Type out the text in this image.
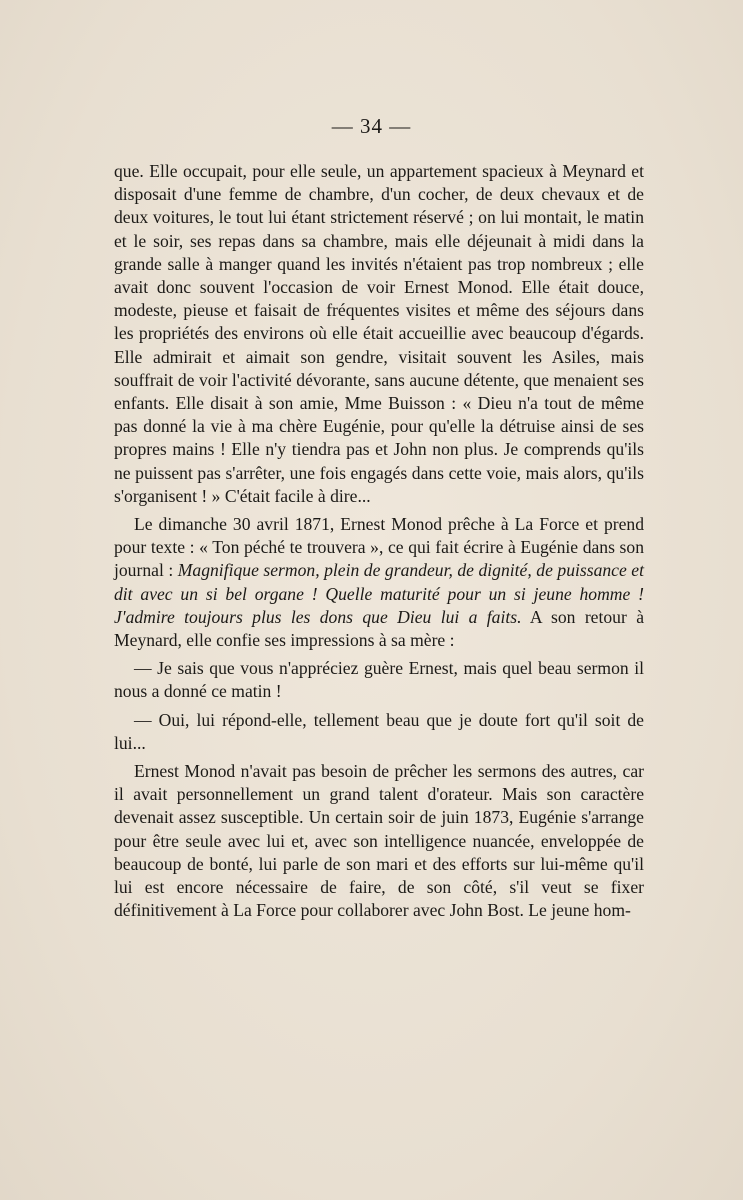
— 34 —

que. Elle occupait, pour elle seule, un appartement spacieux à Meynard et disposait d'une femme de chambre, d'un cocher, de deux chevaux et de deux voitures, le tout lui étant strictement réservé ; on lui montait, le matin et le soir, ses repas dans sa chambre, mais elle déjeunait à midi dans la grande salle à manger quand les invités n'étaient pas trop nombreux ; elle avait donc souvent l'occasion de voir Ernest Monod. Elle était douce, modeste, pieuse et faisait de fréquentes visites et même des séjours dans les propriétés des environs où elle était accueillie avec beaucoup d'égards. Elle admirait et aimait son gendre, visitait souvent les Asiles, mais souffrait de voir l'activité dévorante, sans aucune détente, que menaient ses enfants. Elle disait à son amie, Mme Buisson : « Dieu n'a tout de même pas donné la vie à ma chère Eugénie, pour qu'elle la détruise ainsi de ses propres mains ! Elle n'y tiendra pas et John non plus. Je comprends qu'ils ne puissent pas s'arrêter, une fois engagés dans cette voie, mais alors, qu'ils s'organisent ! » C'était facile à dire...

Le dimanche 30 avril 1871, Ernest Monod prêche à La Force et prend pour texte : « Ton péché te trouvera », ce qui fait écrire à Eugénie dans son journal : Magnifique sermon, plein de grandeur, de dignité, de puissance et dit avec un si bel organe ! Quelle maturité pour un si jeune homme ! J'admire toujours plus les dons que Dieu lui a faits. A son retour à Meynard, elle confie ses impressions à sa mère :

— Je sais que vous n'appréciez guère Ernest, mais quel beau sermon il nous a donné ce matin !

— Oui, lui répond-elle, tellement beau que je doute fort qu'il soit de lui...

Ernest Monod n'avait pas besoin de prêcher les sermons des autres, car il avait personnellement un grand talent d'orateur. Mais son caractère devenait assez susceptible. Un certain soir de juin 1873, Eugénie s'arrange pour être seule avec lui et, avec son intelligence nuancée, enveloppée de beaucoup de bonté, lui parle de son mari et des efforts sur lui-même qu'il lui est encore nécessaire de faire, de son côté, s'il veut se fixer définitivement à La Force pour collaborer avec John Bost. Le jeune hom-
